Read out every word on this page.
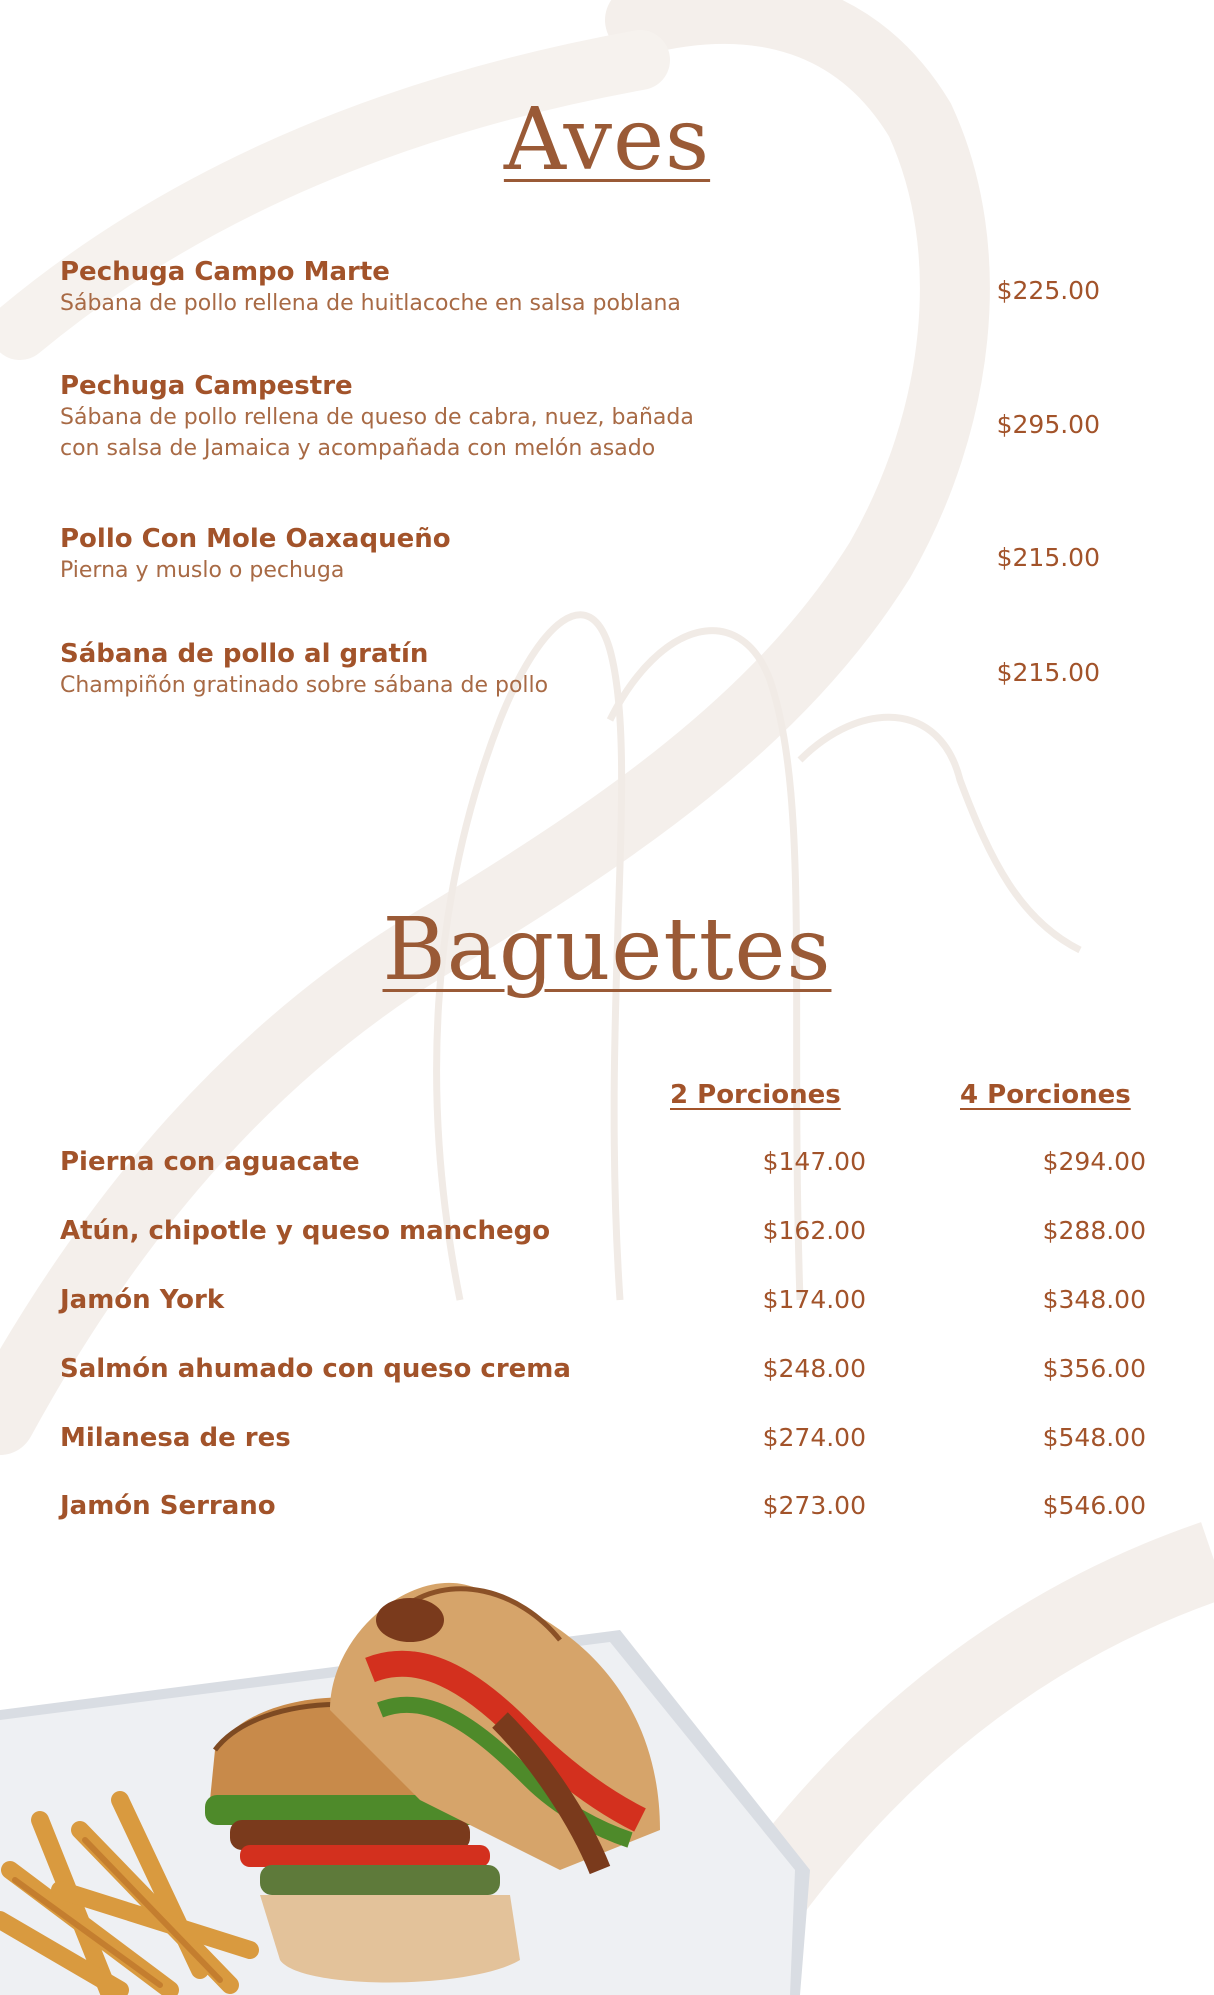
Aves
Pechuga Campo Marte
Sábana de pollo rellena de huitlacoche en salsa poblana	$225.00
Pechuga Campestre
Sábana de pollo rellena de queso de cabra, nuez, bañada con salsa de Jamaica y acompañada con melón asado
$295.00
Pollo Con Mole Oaxaqueño
Pierna y muslo o pechuga	$215.00
Sábana de pollo al gratín
Champiñón gratinado sobre sábana de pollo	$215.00
Baguettes
2 Porciones	4 Porciones
Pierna con aguacate	$147.00	$294.00
Atún, chipotle y queso manchego	$162.00	$288.00
Jamón York	$174.00	$348.00
Salmón ahumado con queso crema	$248.00	$356.00
Milanesa de res	$274.00	$548.00
Jamón Serrano	$273.00	$546.00
